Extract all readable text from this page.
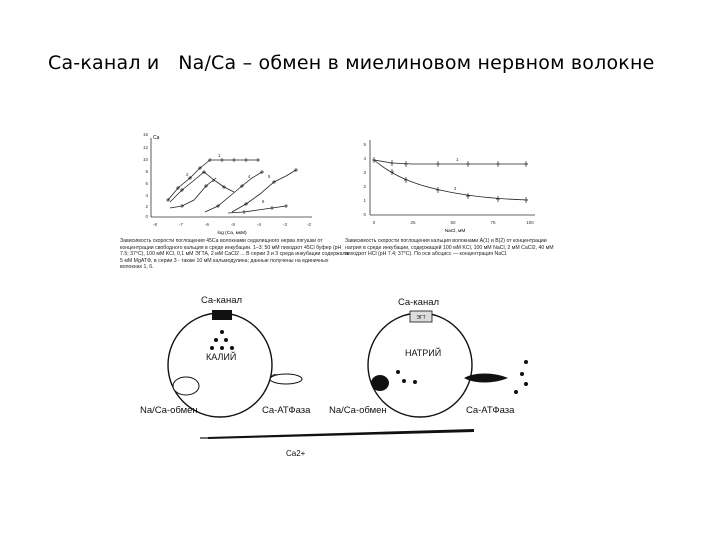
Ca-канал и   Na/Ca – обмен в миелиновом нервном волокне
Ca
16
12
10
8
6
4
2
0
-8	-7	-6	-5	-4	-3	-2
log (Ca, мкМ)
1
2
3
4	5
6
5
4
3
2
1
0
0	25	50	75	100
NaCl, мМ
1
2
ЭГТ
Зависимость скорости поглощения 45Ca волокнами седалищного нерва лягушки от концентрации свободного кальция в среде инкубации. 1–3: 50 мМ пиходзот 45Cl буфер (pH 7.5; 37°C), 100 мМ KCl, 0,1 мМ ЭГТА, 2 мМ CaCl2 ... В серии 3 и 3 среда инкубации содержала 5 мМ MgATФ, в серии 3 - также 10 мМ кальмодулина; данные получены на единичных волокнах 1, 6.
Зависимость скорости поглощения кальция волокнами A(1) и B(2) от концентрации натрия в среде инкубации, содержащей 100 мМ KCl, 100 мМ NaCl, 2 мМ CaCl2, 40 мМ пиходзот НCl (pH 7.4; 37°C). По оси абсцисс — концентрация NaCl.
Ca-канал
КАЛИЙ
Na/Ca-обмен	Ca-АТФаза
Ca-канал
НАТРИЙ
Na/Ca-обмен	Ca-АТФаза
Ca2+
